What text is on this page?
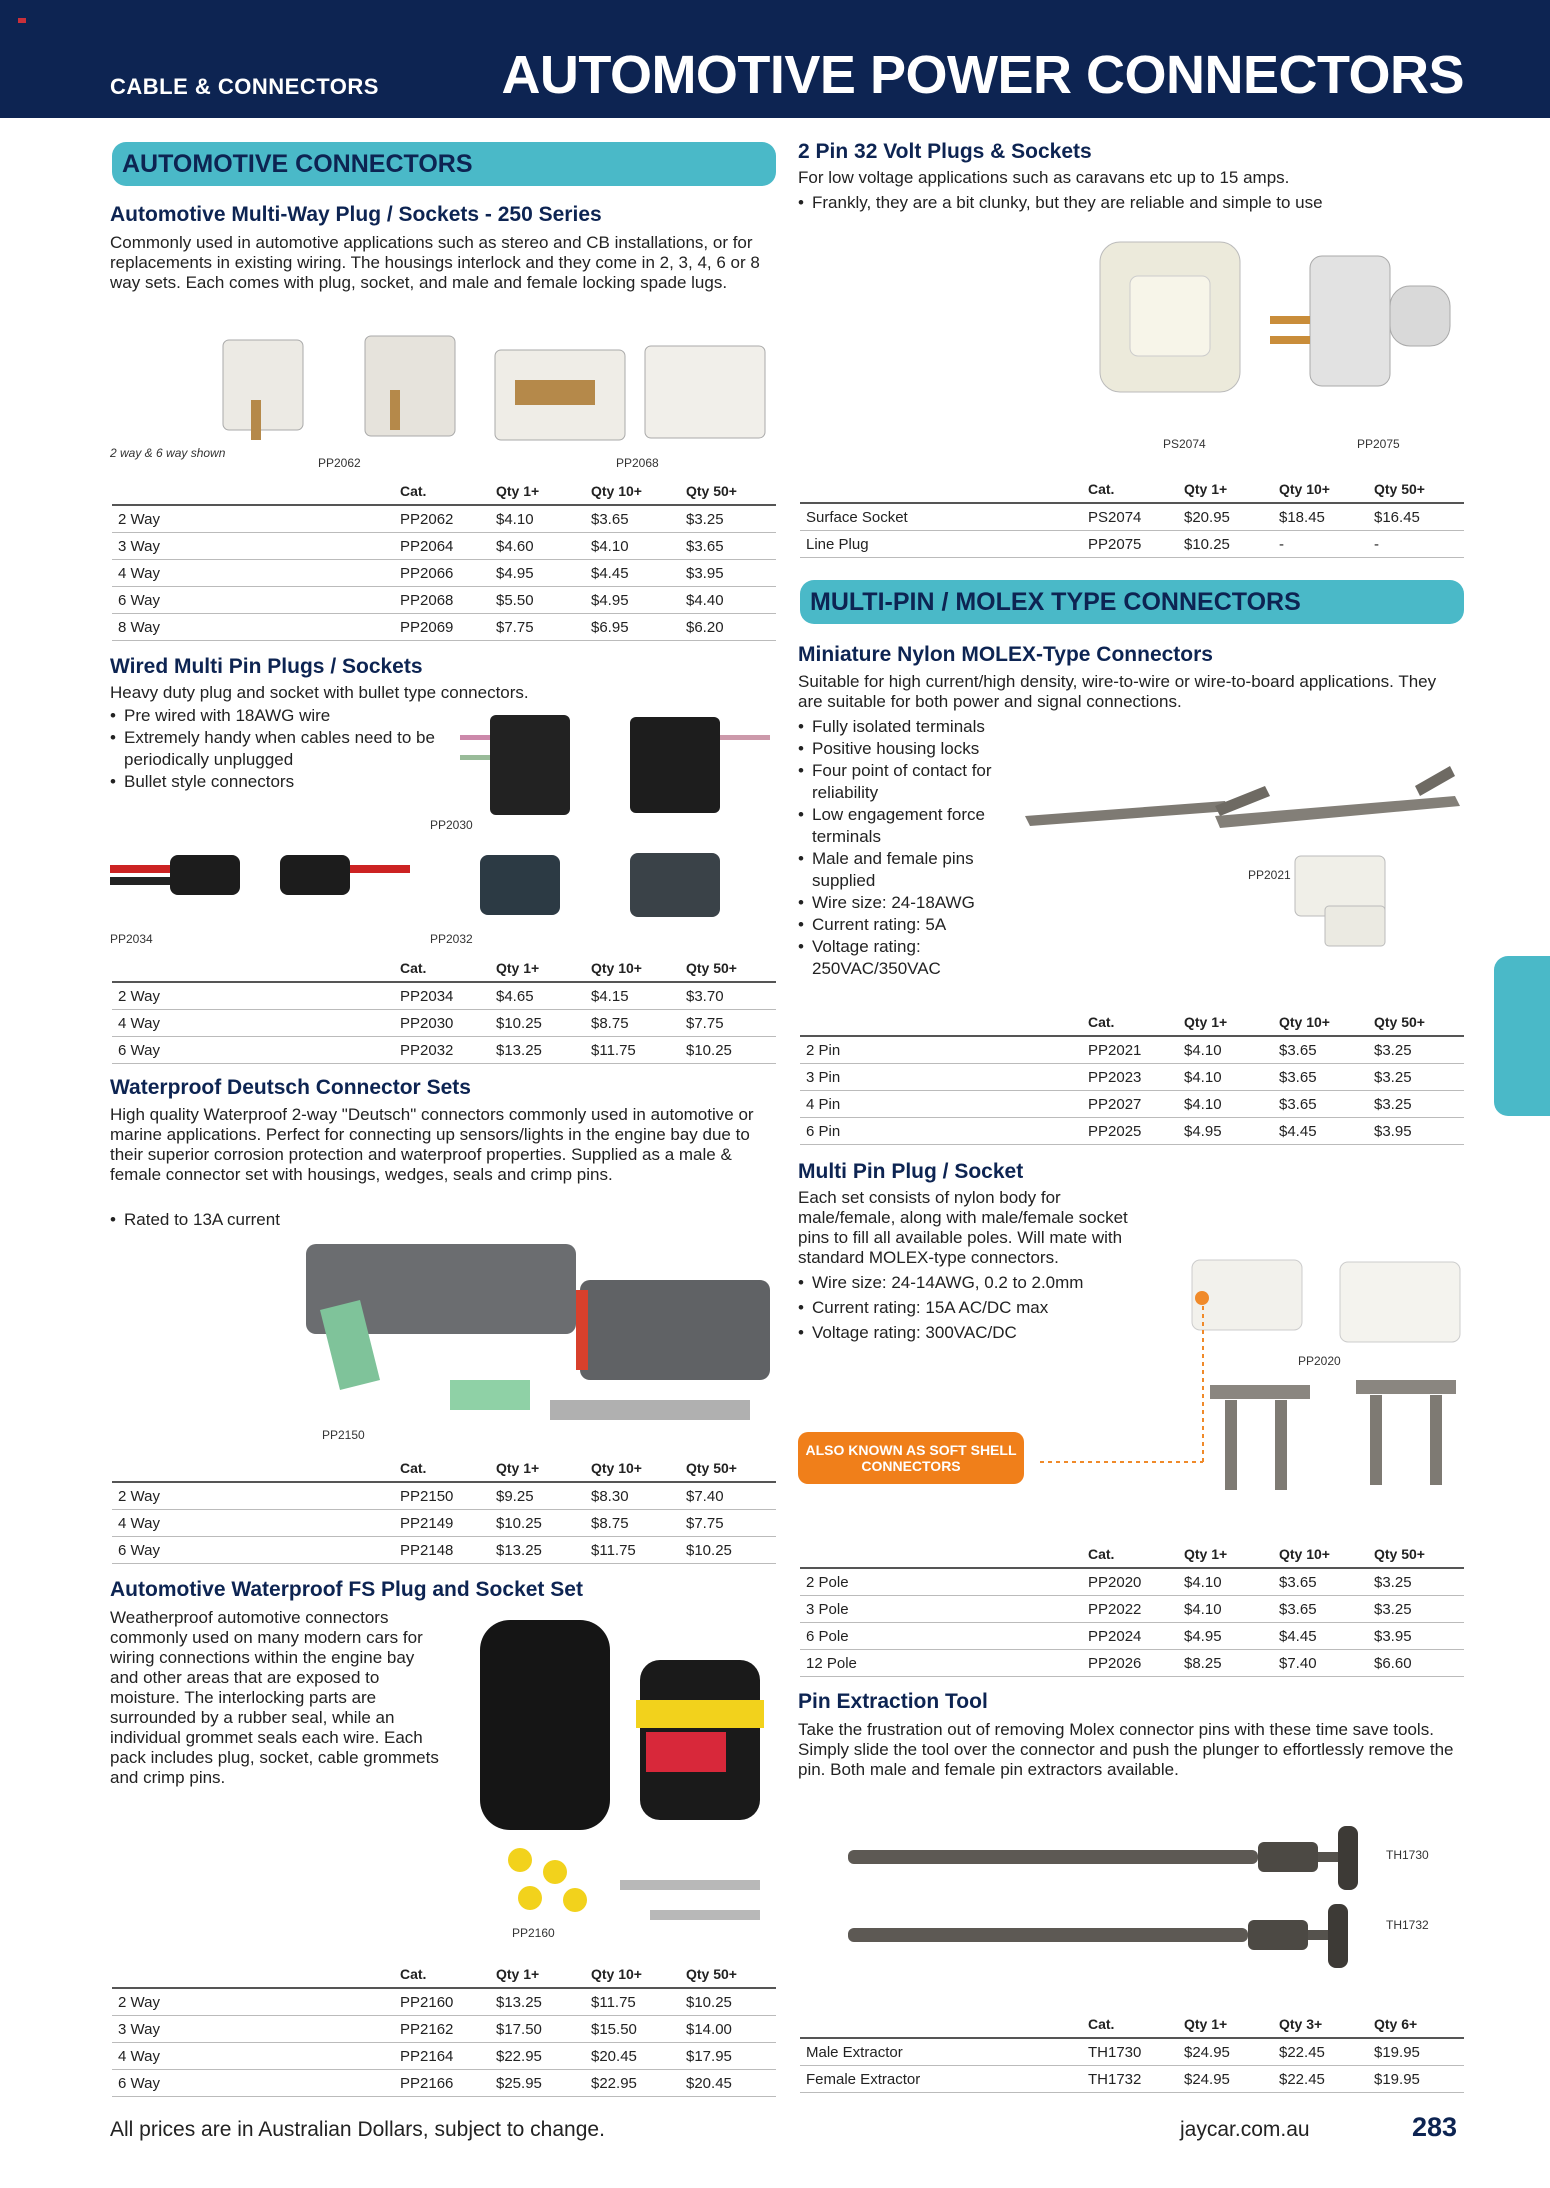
CABLE & CONNECTORS AUTOMOTIVE POWER CONNECTORS
AUTOMOTIVE CONNECTORS
Automotive Multi-Way Plug / Sockets - 250 Series
Commonly used in automotive applications such as stereo and CB installations, or for replacements in existing wiring. The housings interlock and they come in 2, 3, 4, 6 or 8 way sets. Each comes with plug, socket, and male and female locking spade lugs.
2 way & 6 way shown
PP2062	PP2068
	Cat.	Qty 1+	Qty 10+	Qty 50+
2 Way	PP2062	$4.10	$3.65	$3.25
3 Way	PP2064	$4.60	$4.10	$3.65
4 Way	PP2066	$4.95	$4.45	$3.95
6 Way	PP2068	$5.50	$4.95	$4.40
8 Way	PP2069	$7.75	$6.95	$6.20
Wired Multi Pin Plugs / Sockets
Heavy duty plug and socket with bullet type connectors.
• Pre wired with 18AWG wire
• Extremely handy when cables need to be periodically unplugged
• Bullet style connectors
PP2030
PP2034	PP2032
	Cat.	Qty 1+	Qty 10+	Qty 50+
2 Way	PP2034	$4.65	$4.15	$3.70
4 Way	PP2030	$10.25	$8.75	$7.75
6 Way	PP2032	$13.25	$11.75	$10.25
Waterproof Deutsch Connector Sets
High quality Waterproof 2-way "Deutsch" connectors commonly used in automotive or marine applications. Perfect for connecting up sensors/lights in the engine bay due to their superior corrosion protection and waterproof properties. Supplied as a male & female connector set with housings, wedges, seals and crimp pins.
• Rated to 13A current
PP2150
	Cat.	Qty 1+	Qty 10+	Qty 50+
2 Way	PP2150	$9.25	$8.30	$7.40
4 Way	PP2149	$10.25	$8.75	$7.75
6 Way	PP2148	$13.25	$11.75	$10.25
Automotive Waterproof FS Plug and Socket Set
Weatherproof automotive connectors commonly used on many modern cars for wiring connections within the engine bay and other areas that are exposed to moisture. The interlocking parts are surrounded by a rubber seal, while an individual grommet seals each wire. Each pack includes plug, socket, cable grommets and crimp pins.
PP2160
	Cat.	Qty 1+	Qty 10+	Qty 50+
2 Way	PP2160	$13.25	$11.75	$10.25
3 Way	PP2162	$17.50	$15.50	$14.00
4 Way	PP2164	$22.95	$20.45	$17.95
6 Way	PP2166	$25.95	$22.95	$20.45
2 Pin 32 Volt Plugs & Sockets
For low voltage applications such as caravans etc up to 15 amps.
• Frankly, they are a bit clunky, but they are reliable and simple to use
PS2074	PP2075
	Cat.	Qty 1+	Qty 10+	Qty 50+
Surface Socket	PS2074	$20.95	$18.45	$16.45
Line Plug	PP2075	$10.25	-	-
MULTI-PIN / MOLEX TYPE CONNECTORS
Miniature Nylon MOLEX-Type Connectors
Suitable for high current/high density, wire-to-wire or wire-to-board applications. They are suitable for both power and signal connections.
• Fully isolated terminals
• Positive housing locks
• Four point of contact for reliability
• Low engagement force terminals
• Male and female pins supplied
• Wire size: 24-18AWG
• Current rating: 5A
• Voltage rating: 250VAC/350VAC
PP2021
	Cat.	Qty 1+	Qty 10+	Qty 50+
2 Pin	PP2021	$4.10	$3.65	$3.25
3 Pin	PP2023	$4.10	$3.65	$3.25
4 Pin	PP2027	$4.10	$3.65	$3.25
6 Pin	PP2025	$4.95	$4.45	$3.95
Multi Pin Plug / Socket
Each set consists of nylon body for male/female, along with male/female socket pins to fill all available poles. Will mate with standard MOLEX-type connectors.
• Wire size: 24-14AWG, 0.2 to 2.0mm
• Current rating: 15A AC/DC max
• Voltage rating: 300VAC/DC
PP2020
ALSO KNOWN AS SOFT SHELL CONNECTORS
	Cat.	Qty 1+	Qty 10+	Qty 50+
2 Pole	PP2020	$4.10	$3.65	$3.25
3 Pole	PP2022	$4.10	$3.65	$3.25
6 Pole	PP2024	$4.95	$4.45	$3.95
12 Pole	PP2026	$8.25	$7.40	$6.60
Pin Extraction Tool
Take the frustration out of removing Molex connector pins with these time save tools. Simply slide the tool over the connector and push the plunger to effortlessly remove the pin. Both male and female pin extractors available.
TH1730
TH1732
	Cat.	Qty 1+	Qty 3+	Qty 6+
Male Extractor	TH1730	$24.95	$22.45	$19.95
Female Extractor	TH1732	$24.95	$22.45	$19.95
All prices are in Australian Dollars, subject to change.	jaycar.com.au	283
